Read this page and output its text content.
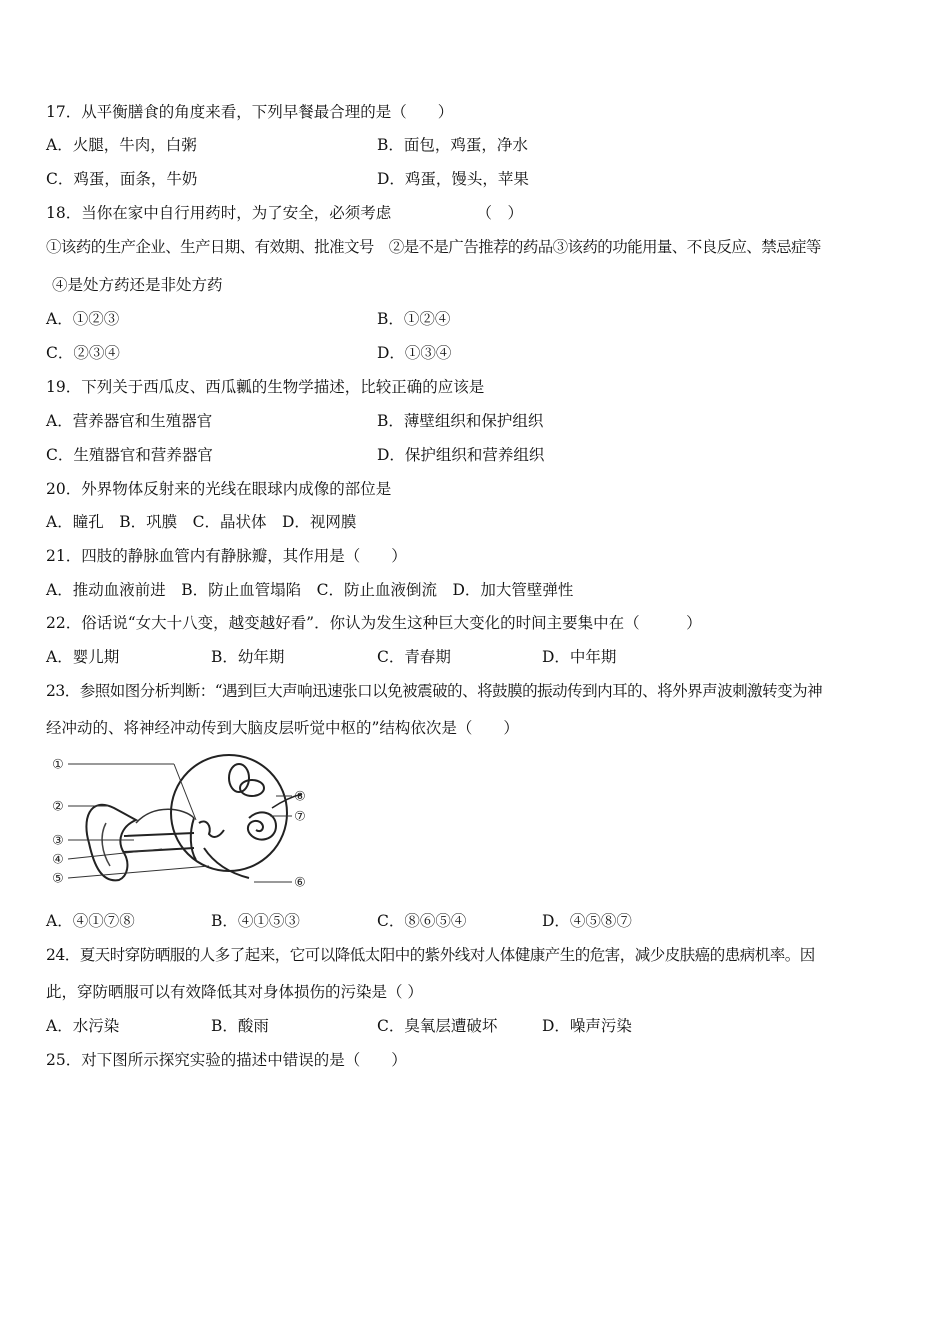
17．从平衡膳食的角度来看，下列早餐最合理的是（　　）
A．火腿，牛肉，白粥	B．面包，鸡蛋，净水
C．鸡蛋，面条，牛奶	D．鸡蛋，馒头，苹果
18．当你在家中自行用药时，为了安全，必须考虑　　　　　　（　）
①该药的生产企业、生产日期、有效期、批准文号　②是不是广告推荐的药品③该药的功能用量、不良反应、禁忌症等
④是处方药还是非处方药
A．①②③	B．①②④
C．②③④	D．①③④
19．下列关于西瓜皮、西瓜瓤的生物学描述，比较正确的应该是
A．营养器官和生殖器官	B．薄壁组织和保护组织
C．生殖器官和营养器官	D．保护组织和营养组织
20．外界物体反射来的光线在眼球内成像的部位是
A．瞳孔　B．巩膜　C．晶状体　D．视网膜
21．四肢的静脉血管内有静脉瓣，其作用是（　　）
A．推动血液前进　B．防止血管塌陷　C．防止血液倒流　D．加大管壁弹性
22．俗话说“女大十八变，越变越好看”．你认为发生这种巨大变化的时间主要集中在（　　　）
A．婴儿期	B．幼年期	C．青春期	D．中年期
23．参照如图分析判断：“遇到巨大声响迅速张口以免被震破的、将鼓膜的振动传到内耳的、将外界声波刺激转变为神
经冲动的、将神经冲动传到大脑皮层听觉中枢的”结构依次是（　　）
①
②
③
④
⑤	⑥
⑦
⑧
A．④①⑦⑧	B．④①⑤③	C．⑧⑥⑤④	D．④⑤⑧⑦
24．夏天时穿防晒服的人多了起来，它可以降低太阳中的紫外线对人体健康产生的危害，减少皮肤癌的患病机率。因
此，穿防晒服可以有效降低其对身体损伤的污染是（ ）
A．水污染	B．酸雨	C．臭氧层遭破坏	D．噪声污染
25．对下图所示探究实验的描述中错误的是（　　）
